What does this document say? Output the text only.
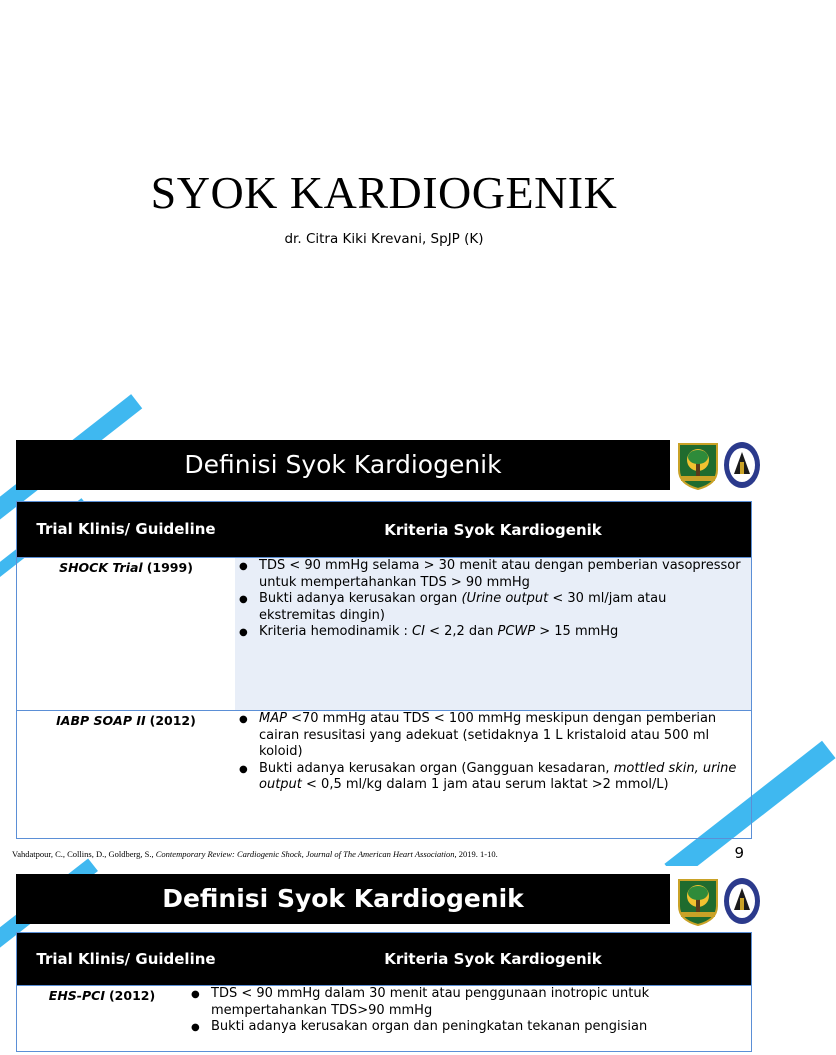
SYOK KARDIOGENIK
dr. Citra Kiki Krevani, SpJP (K)
Definisi Syok Kardiogenik
Trial Klinis/ Guideline	Kriteria Syok Kardiogenik
SHOCK Trial (1999)	● TDS < 90 mmHg selama > 30 menit atau dengan pemberian vasopressor untuk mempertahankan TDS > 90 mmHg
● Bukti adanya kerusakan organ (Urine output < 30 ml/jam atau ekstremitas dingin)
● Kriteria hemodinamik : CI < 2,2 dan PCWP > 15 mmHg
IABP SOAP II (2012)	● MAP <70 mmHg atau TDS < 100 mmHg meskipun dengan pemberian cairan resusitasi yang adekuat (setidaknya 1 L kristaloid atau 500 ml koloid)
● Bukti adanya kerusakan organ (Gangguan kesadaran, mottled skin, urine output < 0,5 ml/kg dalam 1 jam atau serum laktat >2 mmol/L)
Vahdatpour, C., Collins, D., Goldberg, S., Contemporary Review: Cardiogenic Shock, Journal of The American Heart Association, 2019. 1-10.	9
Definisi Syok Kardiogenik
Trial Klinis/ Guideline	Kriteria Syok Kardiogenik
EHS-PCI (2012)	● TDS < 90 mmHg dalam 30 menit atau penggunaan inotropic untuk mempertahankan TDS>90 mmHg
● Bukti adanya kerusakan organ dan peningkatan tekanan pengisian
